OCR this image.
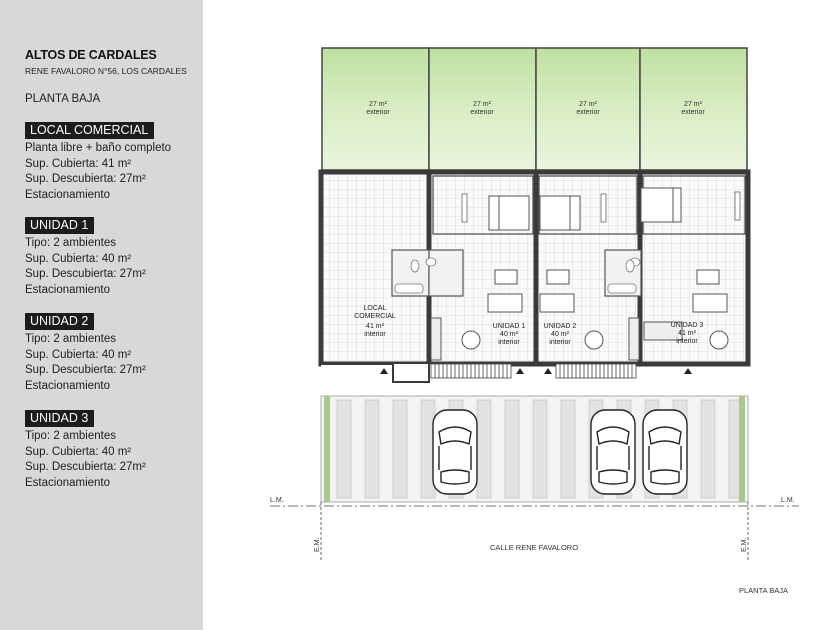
ALTOS DE CARDALES
RENE FAVALORO N°56, LOS CARDALES
PLANTA BAJA
LOCAL COMERCIAL
Planta libre + baño completo
Sup. Cubierta: 41 m²
Sup. Descubierta: 27m²
Estacionamiento
UNIDAD 1
Tipo: 2 ambientes
Sup. Cubierta: 40 m²
Sup. Descubierta: 27m²
Estacionamiento
UNIDAD 2
Tipo: 2 ambientes
Sup. Cubierta: 40 m²
Sup. Descubierta: 27m²
Estacionamiento
UNIDAD 3
Tipo: 2 ambientes
Sup. Cubierta: 40 m²
Sup. Descubierta: 27m²
Estacionamiento
27 m²
exterior
27 m²
exterior
27 m²
exterior
27 m²
exterior
LOCAL
COMERCIAL
41 m²
interior
UNIDAD 1
40 m²
interior
UNIDAD 2
40 m²
interior
UNIDAD 3
41 m²
interior
L.M.	L.M.
E.M.	E.M.
CALLE RENE FAVALORO
PLANTA BAJA
